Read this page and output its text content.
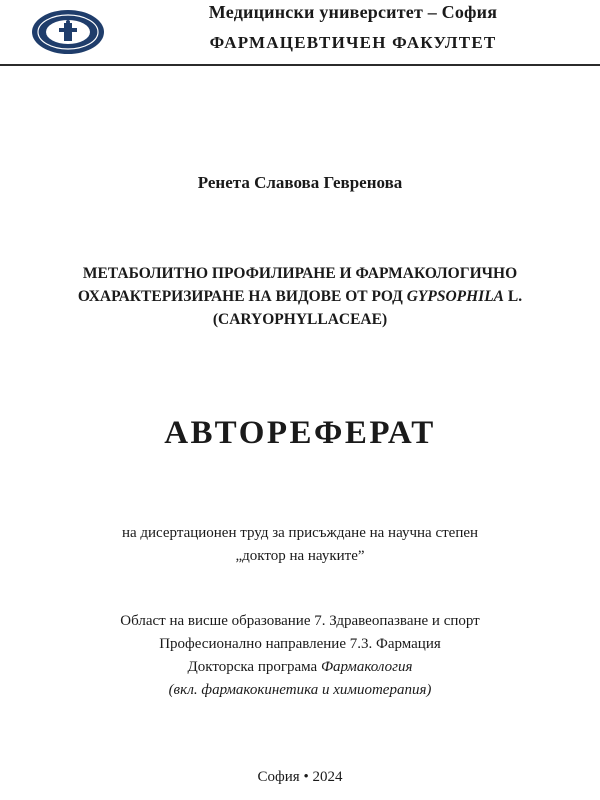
Медицински университет – София
ФАРМАЦЕВТИЧЕН ФАКУЛТЕТ
Ренета Славова Гевренова
МЕТАБОЛИТНО ПРОФИЛИРАНЕ И ФАРМАКОЛОГИЧНО
ОХАРАКТЕРИЗИРАНЕ НА ВИДОВЕ ОТ РОД GYPSOPHILA L.
(CARYOPHYLLACEAE)
АВТОРЕФЕРАТ
на дисертационен труд за присъждане на научна степен
„доктор на науките”
Област на висше образование 7. Здравеопазване и спорт
Професионално направление 7.3. Фармация
Докторска програма Фармакология
(вкл. фармакокинетика и химиотерапия)
София • 2024
